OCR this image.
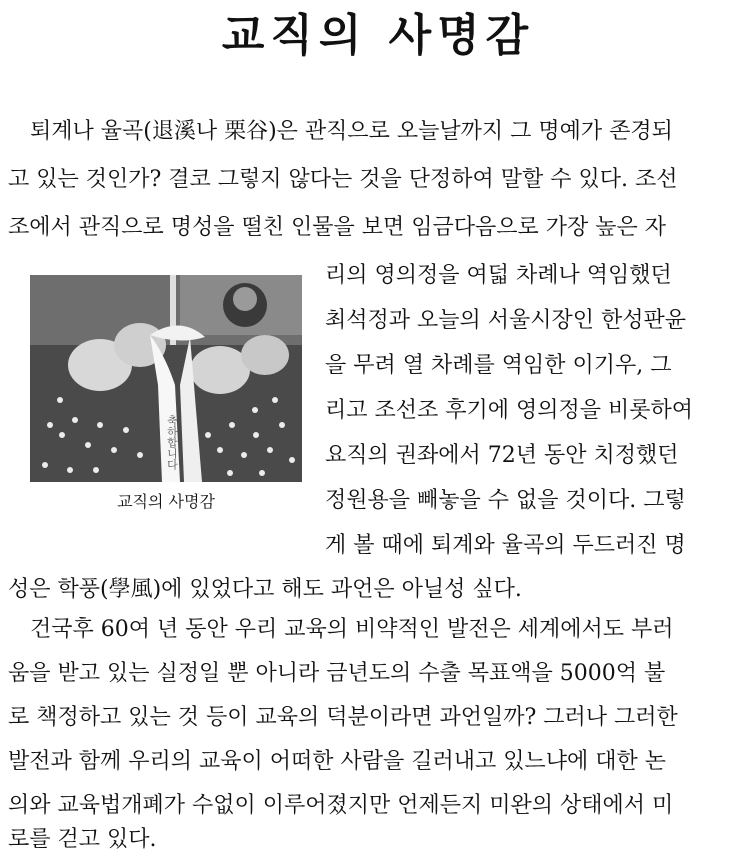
교직의 사명감
퇴계나 율곡(退溪나 栗谷)은 관직으로 오늘날까지 그 명예가 존경되
고 있는 것인가? 결코 그렇지 않다는 것을 단정하여 말할 수 있다. 조선
조에서 관직으로 명성을 떨친 인물을 보면 임금다음으로 가장 높은 자
리의 영의정을 여덟 차례나 역임했던
최석정과 오늘의 서울시장인 한성판윤
을 무려 열 차례를 역임한 이기우, 그
리고 조선조 후기에 영의정을 비롯하여
요직의 권좌에서 72년 동안 치정했던
정원용을 빼놓을 수 없을 것이다. 그렇
게 볼 때에 퇴계와 율곡의 두드러진 명
성은 학풍(學風)에 있었다고 해도 과언은 아닐성 싶다.
축하합니다
교직의 사명감
건국후 60여 년 동안 우리 교육의 비약적인 발전은 세계에서도 부러
움을 받고 있는 실정일 뿐 아니라 금년도의 수출 목표액을 5000억 불
로 책정하고 있는 것 등이 교육의 덕분이라면 과언일까? 그러나 그러한
발전과 함께 우리의 교육이 어떠한 사람을 길러내고 있느냐에 대한 논
의와 교육법개폐가 수없이 이루어졌지만 언제든지 미완의 상태에서 미
로를 걷고 있다.
